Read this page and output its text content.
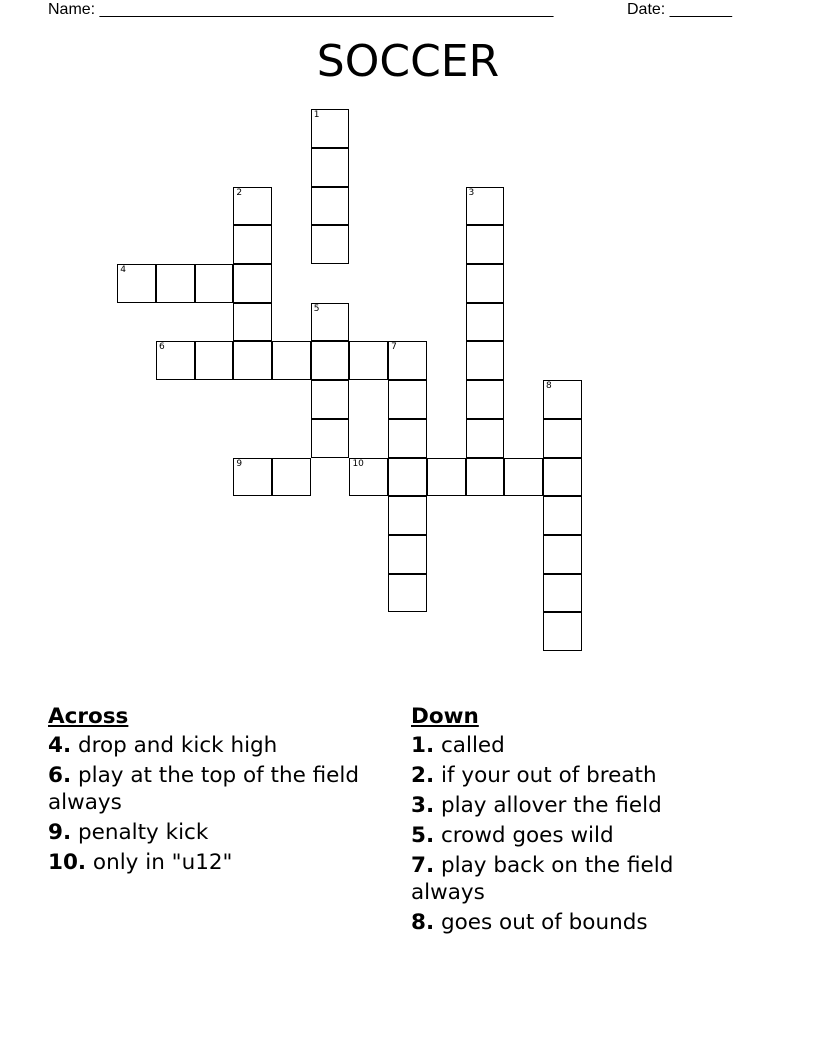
Name: ___________________________________________________	Date: _______
SOCCER
1
2	3
4
5
6	7
8
9	10
Across
4. drop and kick high
6. play at the top of the field always
9. penalty kick
10. only in "u12"
Down
1. called
2. if your out of breath
3. play allover the field
5. crowd goes wild
7. play back on the field always
8. goes out of bounds
